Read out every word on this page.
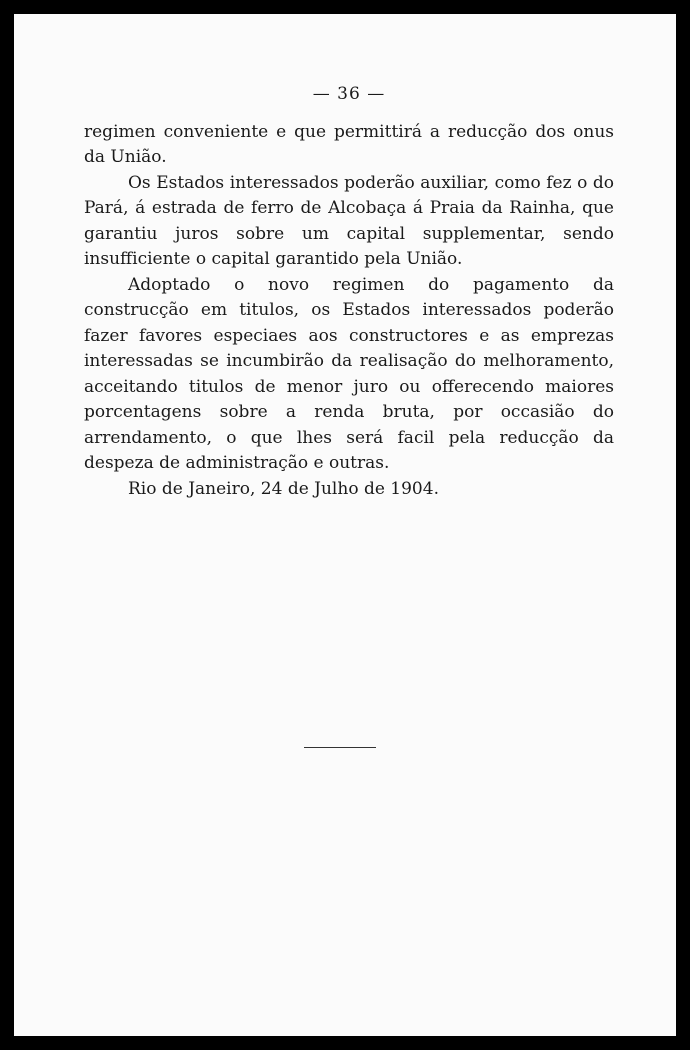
— 36 —

regimen conveniente e que permittirá a reducção dos onus da União.

Os Estados interessados poderão auxiliar, como fez o do Pará, á estrada de ferro de Alcobaça á Praia da Rainha, que garantiu juros sobre um capital supplementar, sendo insufficiente o capital garantido pela União.

Adoptado o novo regimen do pagamento da construcção em titulos, os Estados interessados poderão fazer favores especiaes aos constructores e as emprezas interessadas se incumbirão da realisação do melhoramento, acceitando titulos de menor juro ou offerecendo maiores porcentagens sobre a renda bruta, por occasião do arrendamento, o que lhes será facil pela reducção da despeza de administração e outras.

Rio de Janeiro, 24 de Julho de 1904.
